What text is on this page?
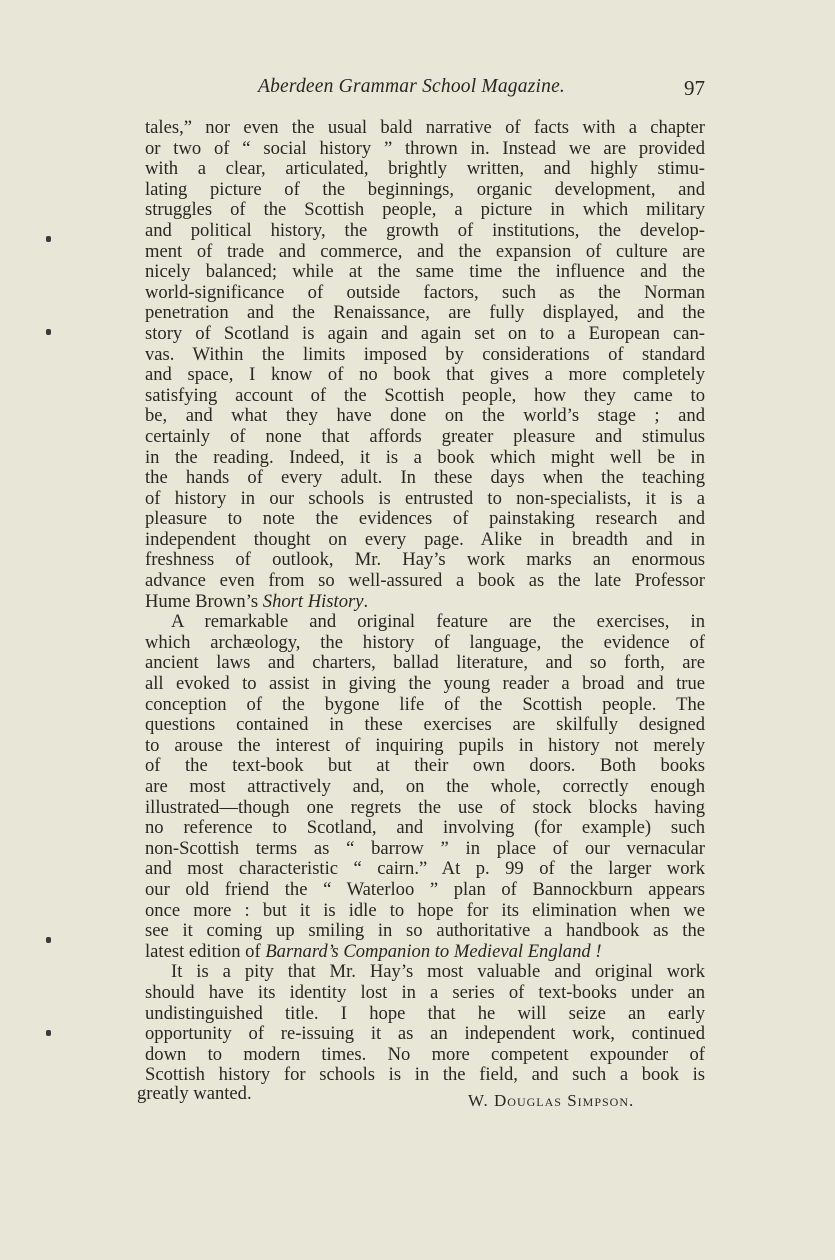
Aberdeen Grammar School Magazine.	97
tales,” nor even the usual bald narrative of facts with a chapter
or two of “ social history ” thrown in. Instead we are provided
with a clear, articulated, brightly written, and highly stimu-
lating picture of the beginnings, organic development, and
struggles of the Scottish people, a picture in which military
and political history, the growth of institutions, the develop-
ment of trade and commerce, and the expansion of culture are
nicely balanced; while at the same time the influence and the
world-significance of outside factors, such as the Norman
penetration and the Renaissance, are fully displayed, and the
story of Scotland is again and again set on to a European can-
vas. Within the limits imposed by considerations of standard
and space, I know of no book that gives a more completely
satisfying account of the Scottish people, how they came to
be, and what they have done on the world’s stage ; and
certainly of none that affords greater pleasure and stimulus
in the reading. Indeed, it is a book which might well be in
the hands of every adult. In these days when the teaching
of history in our schools is entrusted to non-specialists, it is a
pleasure to note the evidences of painstaking research and
independent thought on every page. Alike in breadth and in
freshness of outlook, Mr. Hay’s work marks an enormous
advance even from so well-assured a book as the late Professor
Hume Brown’s Short History.
A remarkable and original feature are the exercises, in
which archæology, the history of language, the evidence of
ancient laws and charters, ballad literature, and so forth, are
all evoked to assist in giving the young reader a broad and true
conception of the bygone life of the Scottish people. The
questions contained in these exercises are skilfully designed
to arouse the interest of inquiring pupils in history not merely
of the text-book but at their own doors. Both books
are most attractively and, on the whole, correctly enough
illustrated—though one regrets the use of stock blocks having
no reference to Scotland, and involving (for example) such
non-Scottish terms as “ barrow ” in place of our vernacular
and most characteristic “ cairn.” At p. 99 of the larger work
our old friend the “ Waterloo ” plan of Bannockburn appears
once more : but it is idle to hope for its elimination when we
see it coming up smiling in so authoritative a handbook as the
latest edition of Barnard’s Companion to Medieval England !
It is a pity that Mr. Hay’s most valuable and original work
should have its identity lost in a series of text-books under an
undistinguished title. I hope that he will seize an early
opportunity of re-issuing it as an independent work, continued
down to modern times. No more competent expounder of
Scottish history for schools is in the field, and such a book is
greatly wanted.	W. Douglas Simpson.
